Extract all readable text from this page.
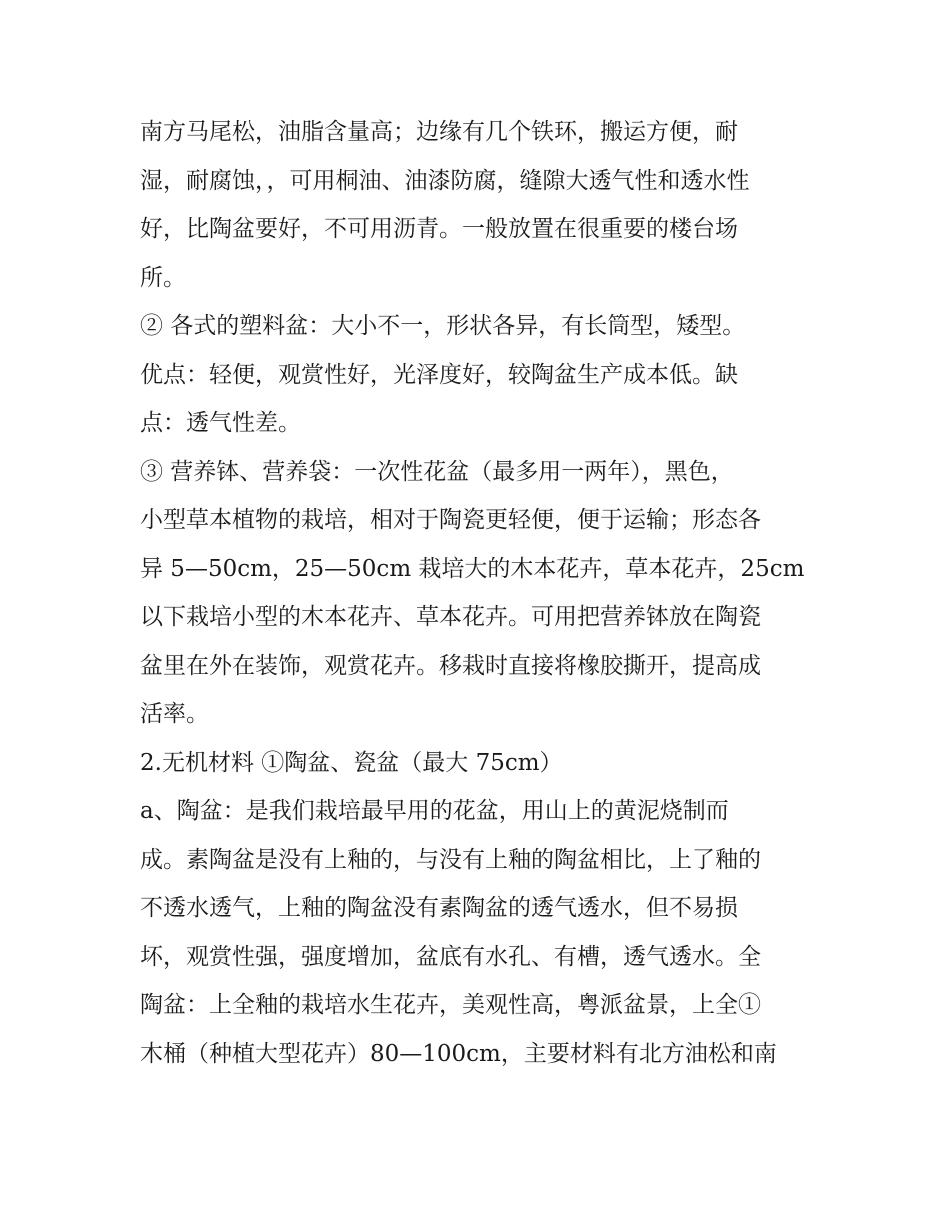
南方马尾松，油脂含量高；边缘有几个铁环，搬运方便，耐
湿，耐腐蚀，，可用桐油、油漆防腐，缝隙大透气性和透水性
好，比陶盆要好，不可用沥青。一般放置在很重要的楼台场
所。
② 各式的塑料盆：大小不一，形状各异，有长筒型，矮型。
优点：轻便，观赏性好，光泽度好，较陶盆生产成本低。缺
点：透气性差。
③ 营养钵、营养袋：一次性花盆（最多用一两年），黑色，
小型草本植物的栽培，相对于陶瓷更轻便，便于运输；形态各
异 5—50cm，25—50cm 栽培大的木本花卉，草本花卉，25cm
以下栽培小型的木本花卉、草本花卉。可用把营养钵放在陶瓷
盆里在外在装饰，观赏花卉。移栽时直接将橡胶撕开，提高成
活率。
2.无机材料 ①陶盆、瓷盆（最大 75cm）
a、陶盆：是我们栽培最早用的花盆，用山上的黄泥烧制而
成。素陶盆是没有上釉的，与没有上釉的陶盆相比，上了釉的
不透水透气，上釉的陶盆没有素陶盆的透气透水，但不易损
坏，观赏性强，强度增加，盆底有水孔、有槽，透气透水。全
陶盆：上全釉的栽培水生花卉，美观性高，粤派盆景，上全①
木桶（种植大型花卉）80—100cm，主要材料有北方油松和南
